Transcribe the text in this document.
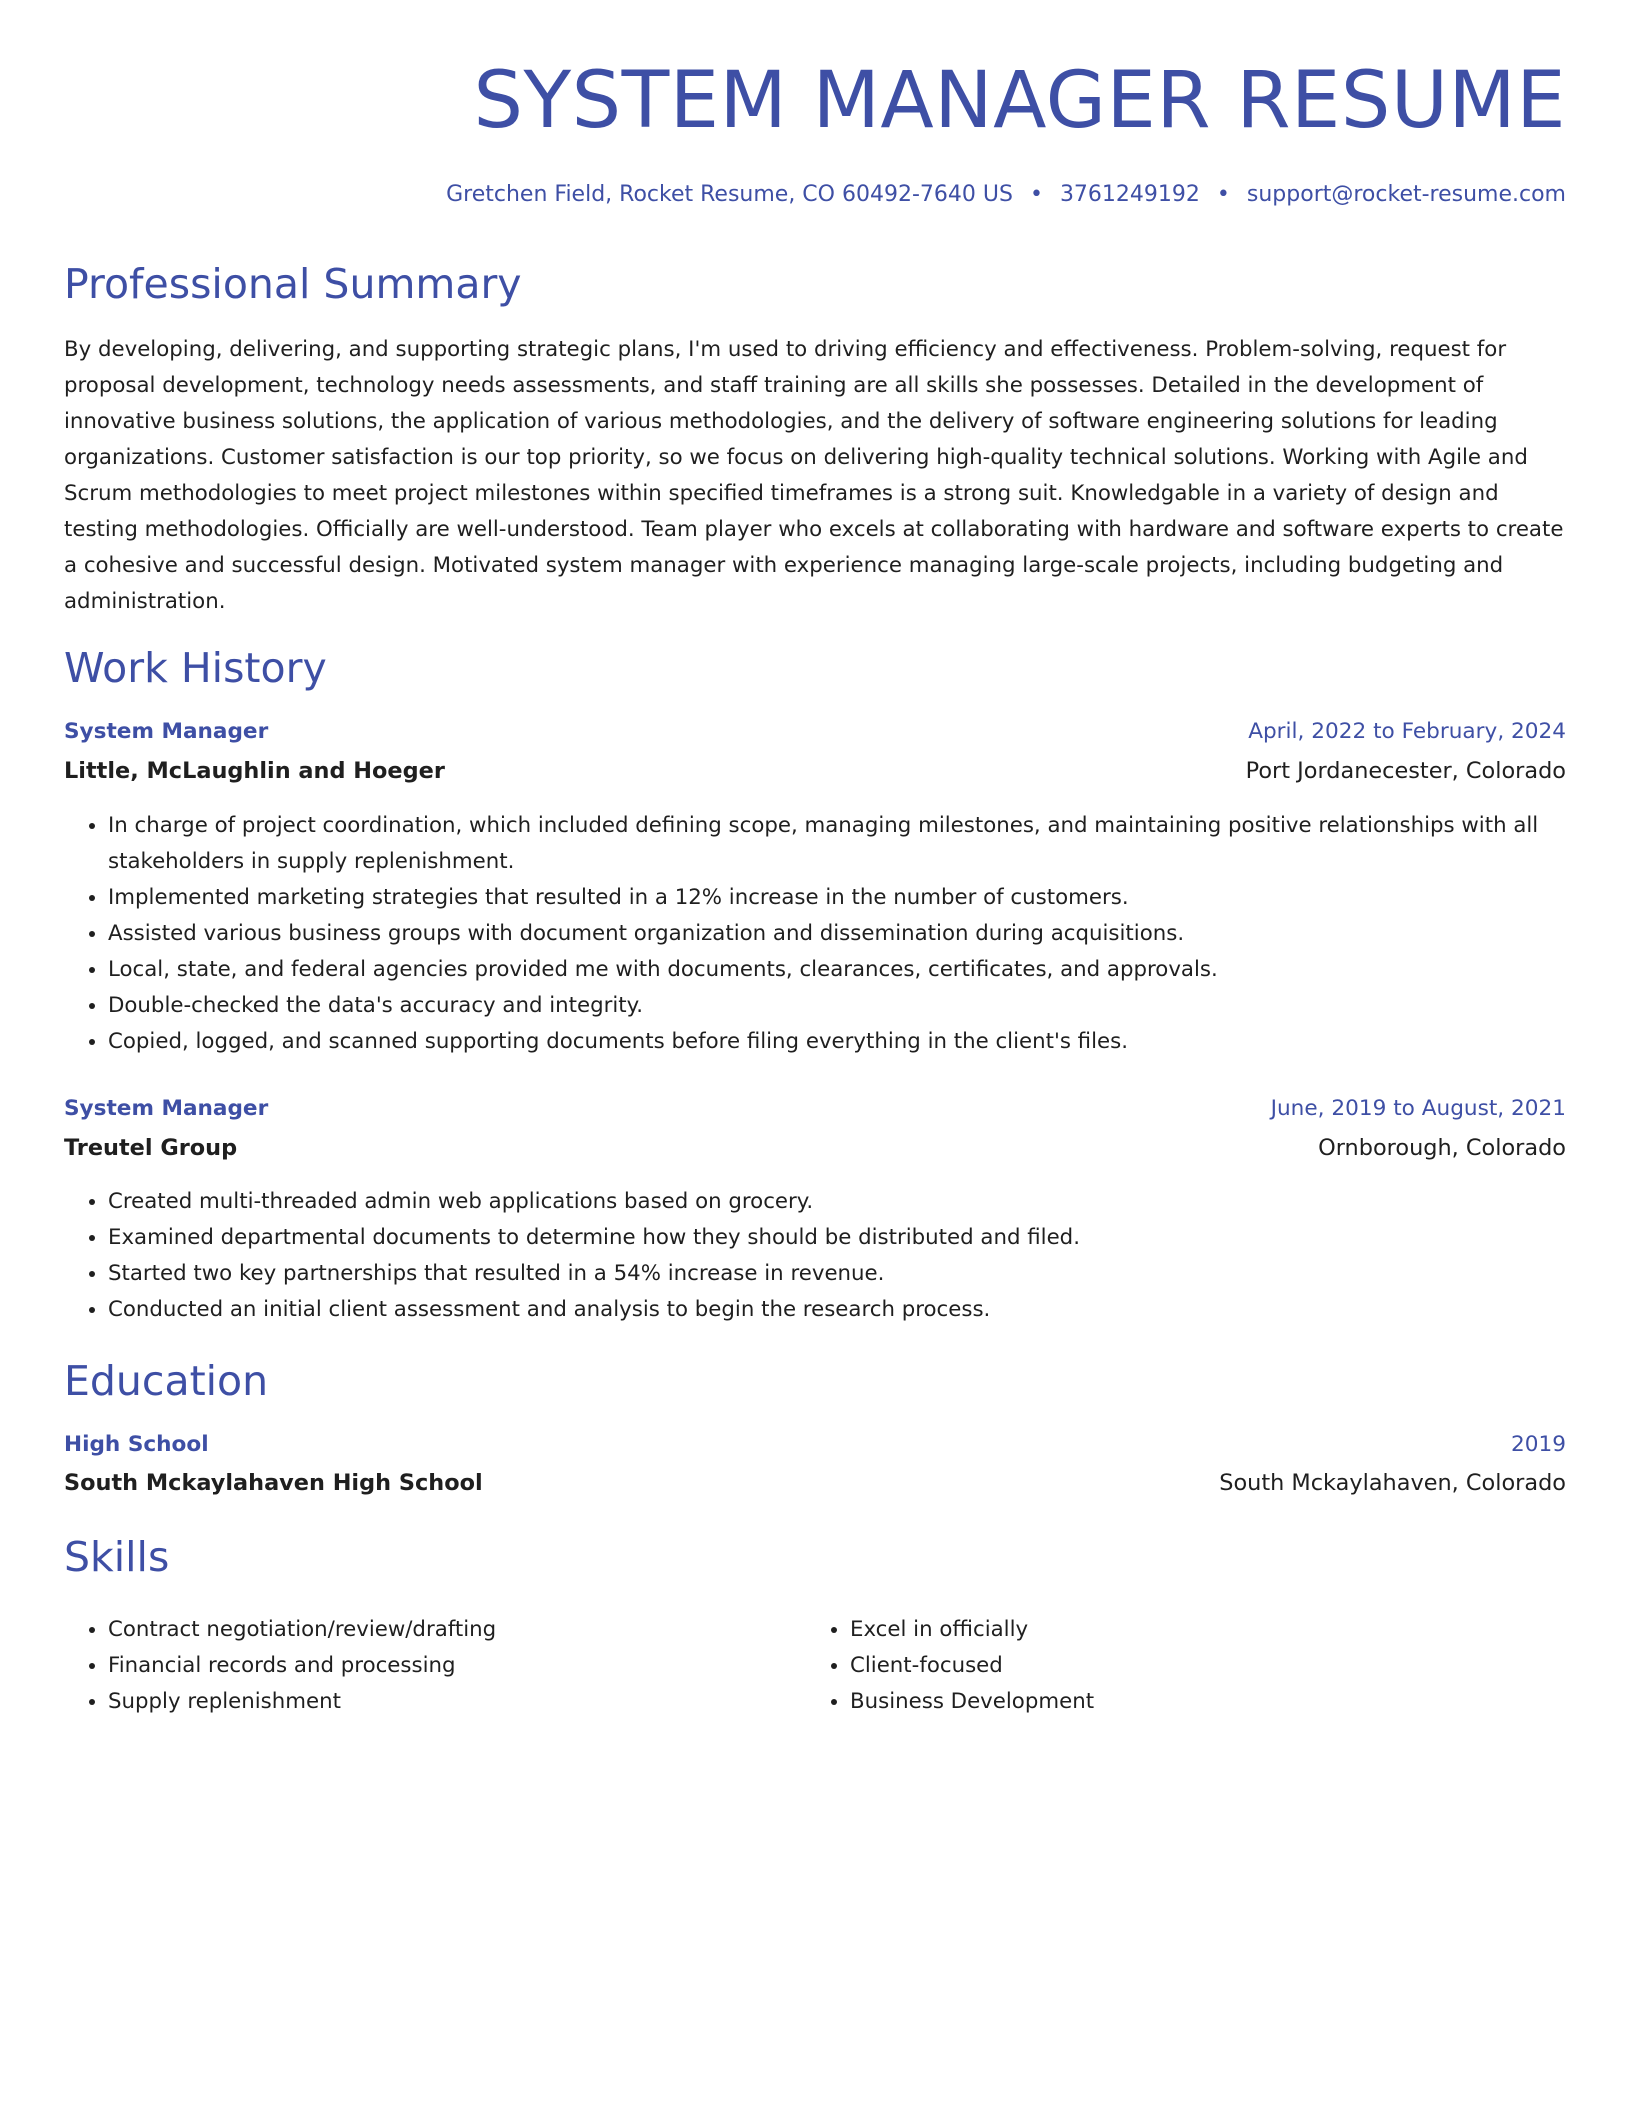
SYSTEM MANAGER RESUME
Gretchen Field, Rocket Resume, CO 60492-7640 US • 3761249192 • support@rocket-resume.com
Professional Summary

By developing, delivering, and supporting strategic plans, I'm used to driving efficiency and effectiveness. Problem-solving, request for proposal development, technology needs assessments, and staff training are all skills she possesses. Detailed in the development of innovative business solutions, the application of various methodologies, and the delivery of software engineering solutions for leading organizations. Customer satisfaction is our top priority, so we focus on delivering high-quality technical solutions. Working with Agile and Scrum methodologies to meet project milestones within specified timeframes is a strong suit. Knowledgable in a variety of design and testing methodologies. Officially are well-understood. Team player who excels at collaborating with hardware and software experts to create a cohesive and successful design. Motivated system manager with experience managing large-scale projects, including budgeting and administration.

Work History
System Manager	April, 2022 to February, 2024
Little, McLaughlin and Hoeger	Port Jordanecester, Colorado
• In charge of project coordination, which included defining scope, managing milestones, and maintaining positive relationships with all stakeholders in supply replenishment.
• Implemented marketing strategies that resulted in a 12% increase in the number of customers.
• Assisted various business groups with document organization and dissemination during acquisitions.
• Local, state, and federal agencies provided me with documents, clearances, certificates, and approvals.
• Double-checked the data's accuracy and integrity.
• Copied, logged, and scanned supporting documents before filing everything in the client's files.
System Manager	June, 2019 to August, 2021
Treutel Group	Ornborough, Colorado
• Created multi-threaded admin web applications based on grocery.
• Examined departmental documents to determine how they should be distributed and filed.
• Started two key partnerships that resulted in a 54% increase in revenue.
• Conducted an initial client assessment and analysis to begin the research process.
Education
High School	2019
South Mckaylahaven High School	South Mckaylahaven, Colorado
Skills
• Contract negotiation/review/drafting
• Financial records and processing
• Supply replenishment
• Excel in officially
• Client-focused
• Business Development
